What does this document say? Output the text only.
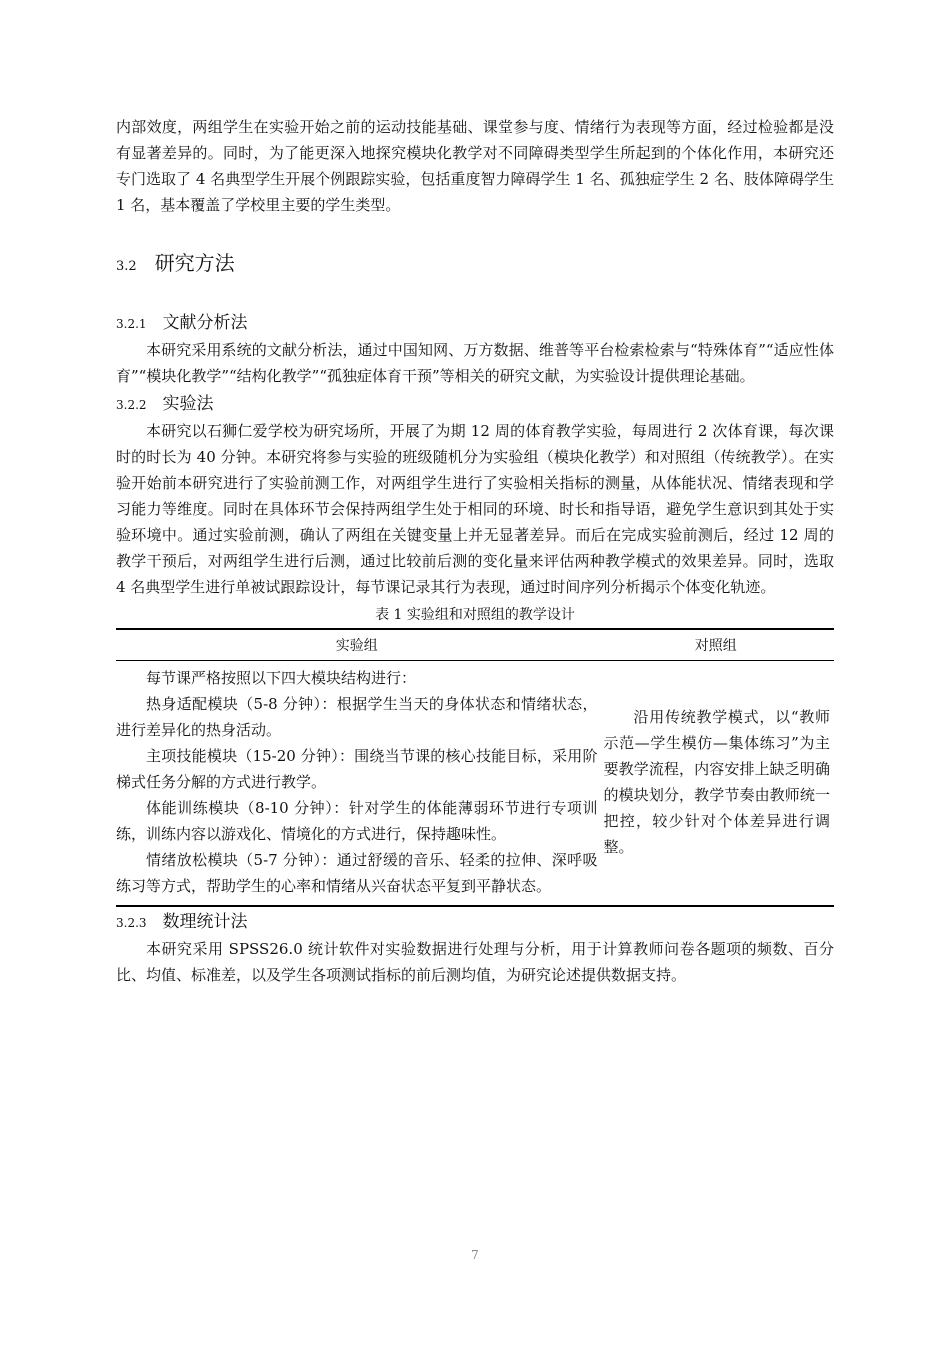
内部效度，两组学生在实验开始之前的运动技能基础、课堂参与度、情绪行为表现等方面，经过检验都是没有显著差异的。同时，为了能更深入地探究模块化教学对不同障碍类型学生所起到的个体化作用，本研究还专门选取了 4 名典型学生开展个例跟踪实验，包括重度智力障碍学生 1 名、孤独症学生 2 名、肢体障碍学生 1 名，基本覆盖了学校里主要的学生类型。

3.2 研究方法
3.2.1 文献分析法

本研究采用系统的文献分析法，通过中国知网、万方数据、维普等平台检索检索与“特殊体育”“适应性体育”“模块化教学”“结构化教学”“孤独症体育干预”等相关的研究文献，为实验设计提供理论基础。

3.2.2 实验法

本研究以石狮仁爱学校为研究场所，开展了为期 12 周的体育教学实验，每周进行 2 次体育课，每次课时的时长为 40 分钟。本研究将参与实验的班级随机分为实验组（模块化教学）和对照组（传统教学）。在实验开始前本研究进行了实验前测工作，对两组学生进行了实验相关指标的测量，从体能状况、情绪表现和学习能力等维度。同时在具体环节会保持两组学生处于相同的环境、时长和指导语，避免学生意识到其处于实验环境中。通过实验前测，确认了两组在关键变量上并无显著差异。而后在完成实验前测后，经过 12 周的教学干预后，对两组学生进行后测，通过比较前后测的变化量来评估两种教学模式的效果差异。同时，选取 4 名典型学生进行单被试跟踪设计，每节课记录其行为表现，通过时间序列分析揭示个体变化轨迹。

表 1 实验组和对照组的教学设计
实验组	对照组

每节课严格按照以下四大模块结构进行：
热身适配模块（5-8 分钟）：根据学生当天的身体状态和情绪状态，进行差异化的热身活动。
主项技能模块（15-20 分钟）：围绕当节课的核心技能目标，采用阶梯式任务分解的方式进行教学。
体能训练模块（8-10 分钟）：针对学生的体能薄弱环节进行专项训练，训练内容以游戏化、情境化的方式进行，保持趣味性。
情绪放松模块（5-7 分钟）：通过舒缓的音乐、轻柔的拉伸、深呼吸练习等方式，帮助学生的心率和情绪从兴奋状态平复到平静状态。	沿用传统教学模式，以“教师示范—学生模仿—集体练习”为主要教学流程，内容安排上缺乏明确的模块划分，教学节奏由教师统一把控，较少针对个体差异进行调整。
3.2.3 数理统计法

本研究采用 SPSS26.0 统计软件对实验数据进行处理与分析，用于计算教师问卷各题项的频数、百分比、均值、标准差，以及学生各项测试指标的前后测均值，为研究论述提供数据支持。

7
